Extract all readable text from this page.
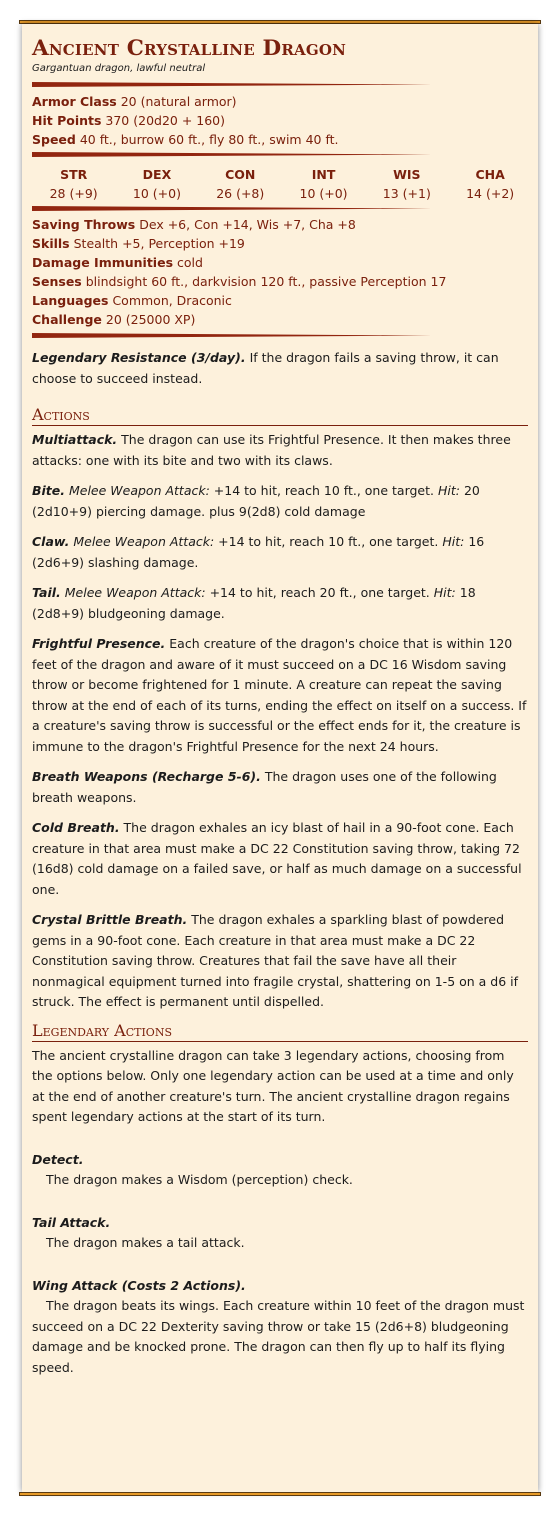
Ancient Crystalline Dragon
Gargantuan dragon, lawful neutral
Armor Class 20 (natural armor)
Hit Points 370 (20d20 + 160)
Speed 40 ft., burrow 60 ft., fly 80 ft., swim 40 ft.
STR
28 (+9)
DEX
10 (+0)
CON
26 (+8)
INT
10 (+0)
WIS
13 (+1)
CHA
14 (+2)
Saving Throws Dex +6, Con +14, Wis +7, Cha +8
Skills Stealth +5, Perception +19
Damage Immunities cold
Senses blindsight 60 ft., darkvision 120 ft., passive Perception 17
Languages Common, Draconic
Challenge 20 (25000 XP)

Legendary Resistance (3/day). If the dragon fails a saving throw, it can choose to succeed instead.

Actions

Multiattack. The dragon can use its Frightful Presence. It then makes three attacks: one with its bite and two with its claws.

Bite. Melee Weapon Attack: +14 to hit, reach 10 ft., one target. Hit: 20 (2d10+9) piercing damage. plus 9(2d8) cold damage

Claw. Melee Weapon Attack: +14 to hit, reach 10 ft., one target. Hit: 16 (2d6+9) slashing damage.

Tail. Melee Weapon Attack: +14 to hit, reach 20 ft., one target. Hit: 18 (2d8+9) bludgeoning damage.

Frightful Presence. Each creature of the dragon's choice that is within 120 feet of the dragon and aware of it must succeed on a DC 16 Wisdom saving throw or become frightened for 1 minute. A creature can repeat the saving throw at the end of each of its turns, ending the effect on itself on a success. If a creature's saving throw is successful or the effect ends for it, the creature is immune to the dragon's Frightful Presence for the next 24 hours.

Breath Weapons (Recharge 5-6). The dragon uses one of the following breath weapons.

Cold Breath. The dragon exhales an icy blast of hail in a 90-foot cone. Each creature in that area must make a DC 22 Constitution saving throw, taking 72 (16d8) cold damage on a failed save, or half as much damage on a successful one.

Crystal Brittle Breath. The dragon exhales a sparkling blast of powdered gems in a 90-foot cone. Each creature in that area must make a DC 22 Constitution saving throw. Creatures that fail the save have all their nonmagical equipment turned into fragile crystal, shattering on 1-5 on a d6 if struck. The effect is permanent until dispelled.

Legendary Actions

The ancient crystalline dragon can take 3 legendary actions, choosing from the options below. Only one legendary action can be used at a time and only at the end of another creature's turn. The ancient crystalline dragon regains spent legendary actions at the start of its turn.

Detect.

The dragon makes a Wisdom (perception) check.

Tail Attack.

The dragon makes a tail attack.

Wing Attack (Costs 2 Actions).

The dragon beats its wings. Each creature within 10 feet of the dragon must succeed on a DC 22 Dexterity saving throw or take 15 (2d6+8) bludgeoning damage and be knocked prone. The dragon can then fly up to half its flying speed.
